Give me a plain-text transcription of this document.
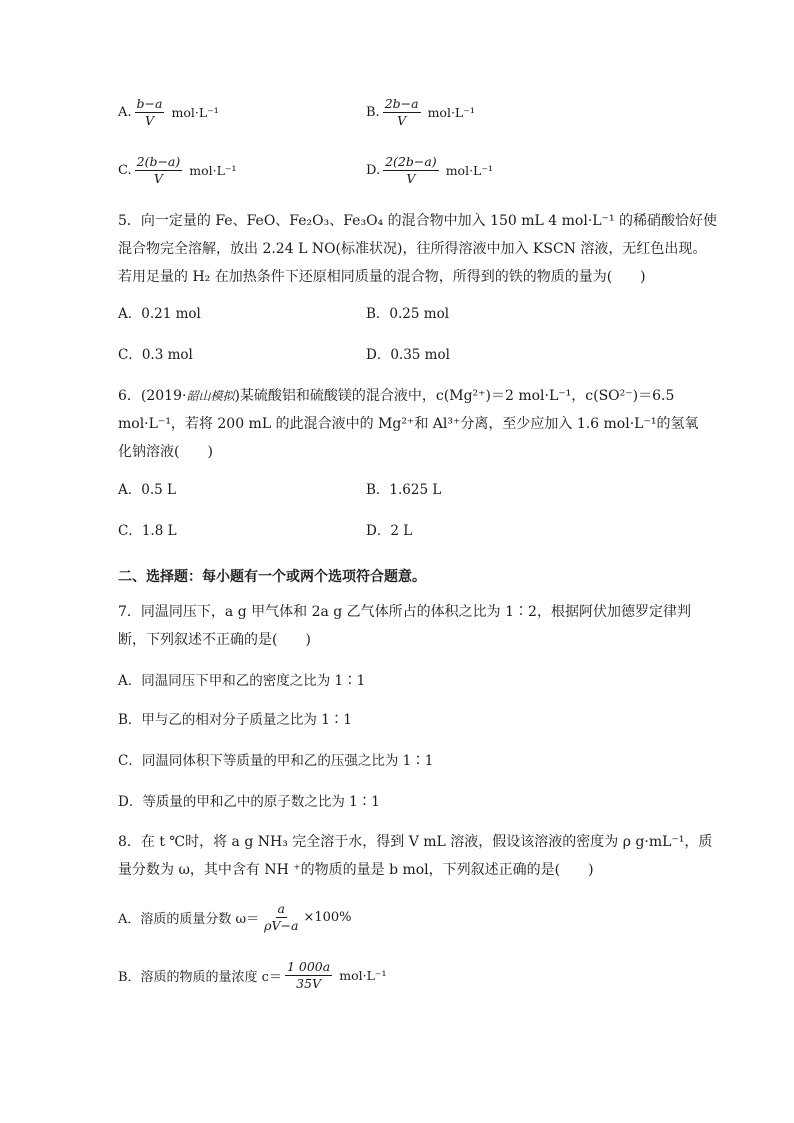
A. $\frac{b-a}{V} mol\cdot L^{-1}$	B. $\frac{2b-a}{V} mol\cdot L^{-1}$
C. $\frac{2(b-a)}{V} mol\cdot L^{-1}$	D. $\frac{2(2b-a)}{V} mol\cdot L^{-1}$
5．向一定量的 Fe、FeO、Fe₂O₃、Fe₃O₄ 的混合物中加入 150 mL 4 mol·L⁻¹ 的稀硝酸恰好使
混合物完全溶解，放出 2.24 L NO(标准状况)，往所得溶液中加入 KSCN 溶液，无红色出现。
若用足量的 H₂ 在加热条件下还原相同质量的混合物，所得到的铁的物质的量为(　　)
A．0.21 mol	B．0.25 mol
C．0.3 mol	D．0.35 mol
6．(2019·韶山模拟)某硫酸铝和硫酸镁的混合液中，c(Mg²⁺)＝2 mol·L⁻¹，c(SO²⁻)＝6.5
mol·L⁻¹，若将 200 mL 的此混合液中的 Mg²⁺和 Al³⁺分离，至少应加入 1.6 mol·L⁻¹的氢氧
化钠溶液(　　)
A．0.5 L	B．1.625 L
C．1.8 L	D．2 L
二、选择题：每小题有一个或两个选项符合题意。
7．同温同压下，a g 甲气体和 2a g 乙气体所占的体积之比为 1∶2，根据阿伏加德罗定律判
断，下列叙述不正确的是(　　)
A．同温同压下甲和乙的密度之比为 1∶1
B．甲与乙的相对分子质量之比为 1∶1
C．同温同体积下等质量的甲和乙的压强之比为 1∶1
D．等质量的甲和乙中的原子数之比为 1∶1
8．在 t ℃时，将 a g NH₃ 完全溶于水，得到 V mL 溶液，假设该溶液的密度为 ρ g·mL⁻¹，质
量分数为 ω，其中含有 NH ⁺的物质的量是 b mol，下列叙述正确的是(　　)
A．溶质的质量分数 $\omega= \frac{a}{\rho V-a} \times 100\%$
B．溶质的物质的量浓度 $c= \frac{1 000a}{35V} mol\cdot L^{-1}$
